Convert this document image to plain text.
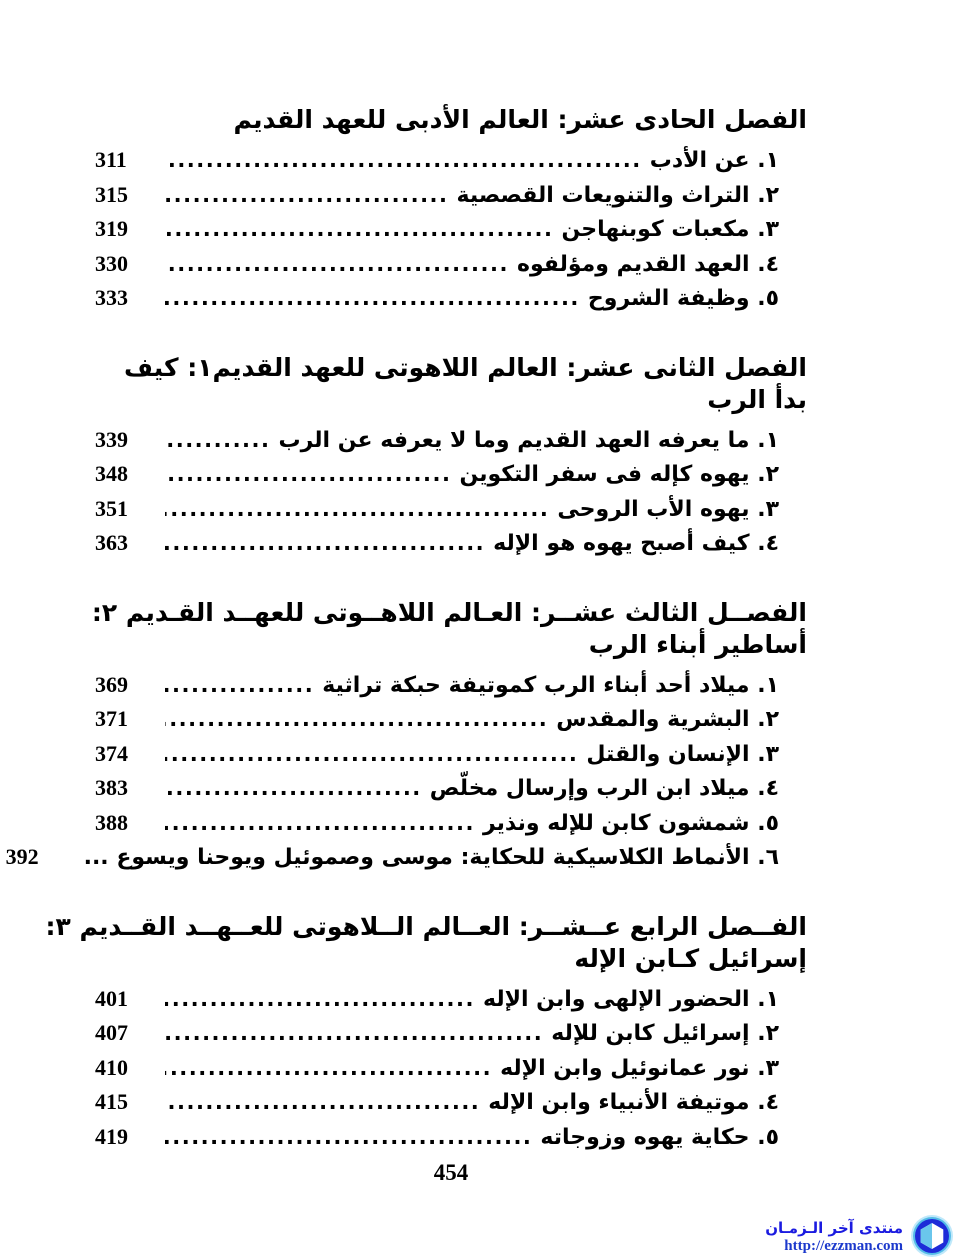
الفصل الحادى عشر: العالم الأدبى للعهد القديم
١. عن الأدب
.....
311
٢. التراث والتنويعات القصصية
.....
315
٣. مكعبات كوبنهاجن
.....
319
٤. العهد القديم ومؤلفوه
.....
330
٥. وظيفة الشروح
.....
333
الفصل الثانى عشر: العالم اللاهوتى للعهد القديم١: كيف
بدأ الرب
١. ما يعرفه العهد القديم وما لا يعرفه عن الرب
.....
339
٢. يهوه كإله فى سفر التكوين
.....
348
٣. يهوه الأب الروحى
.....
351
٤. كيف أصبح يهوه هو الإله
.....
363
الفصــل الثالث عشــر: العـالم اللاهــوتى للعهــد القـديم ٢:
أساطير أبناء الرب
١. ميلاد أحد أبناء الرب كموتيفة حبكة تراثية
.....
369
٢. البشرية والمقدس
.....
371
٣. الإنسان والقتل
.....
374
٤. ميلاد ابن الرب وإرسال مخلّص
.....
383
٥. شمشون كابن للإله ونذير
.....
388
٦. الأنماط الكلاسيكية للحكاية: موسى وصموئيل ويوحنا ويسوع ...
392
الفــصل الرابع عــشــر: العــالم الــلاهوتى للعــهــد القــديم ٣:
إسرائيل كـابن الإله
١. الحضور الإلهى وابن الإله
.....
401
٢. إسرائيل كابن للإله
.....
407
٣. نور عمانوئيل وابن الإله
.....
410
٤. موتيفة الأنبياء وابن الإله
.....
415
٥. حكاية يهوه وزوجاته
.....
419
454
منتدى آخر الـزمـان
http://ezzman.com
